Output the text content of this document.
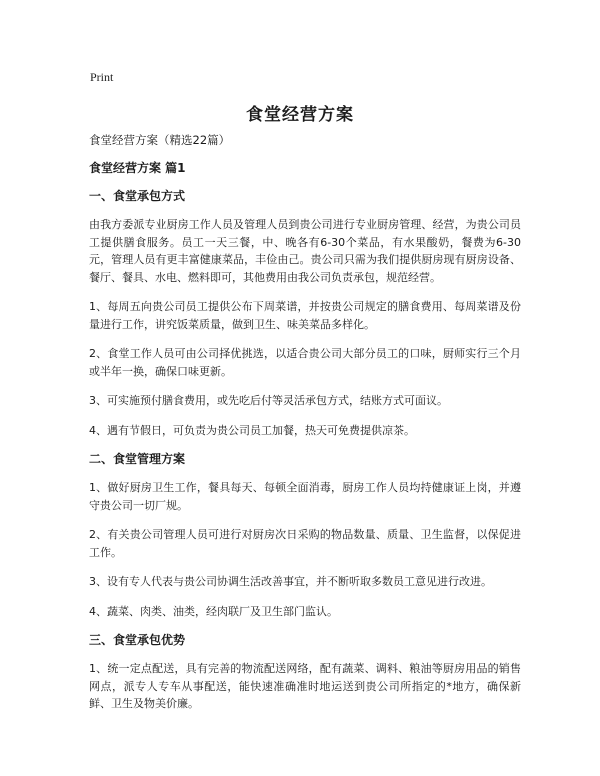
Print
食堂经营方案

食堂经营方案（精选22篇）

食堂经营方案 篇1

一、食堂承包方式

由我方委派专业厨房工作人员及管理人员到贵公司进行专业厨房管理、经营，为贵公司员工提供膳食服务。员工一天三餐，中、晚各有6-30个菜品，有水果酸奶，餐费为6-30元，管理人员有更丰富健康菜品，丰俭由己。贵公司只需为我们提供厨房现有厨房设备、餐厅、餐具、水电、燃料即可，其他费用由我公司负责承包，规范经营。

1、每周五向贵公司员工提供公布下周菜谱，并按贵公司规定的膳食费用、每周菜谱及份量进行工作，讲究饭菜质量，做到卫生、味美菜品多样化。

2、食堂工作人员可由公司择优挑选，以适合贵公司大部分员工的口味，厨师实行三个月或半年一换，确保口味更新。

3、可实施预付膳食费用，或先吃后付等灵活承包方式，结账方式可面议。

4、遇有节假日，可负责为贵公司员工加餐，热天可免费提供凉茶。

二、食堂管理方案

1、做好厨房卫生工作，餐具每天、每顿全面消毒，厨房工作人员均持健康证上岗，并遵守贵公司一切厂规。

2、有关贵公司管理人员可进行对厨房次日采购的物品数量、质量、卫生监督，以保促进工作。

3、设有专人代表与贵公司协调生活改善事宜，并不断听取多数员工意见进行改进。

4、蔬菜、肉类、油类，经肉联厂及卫生部门监认。

三、食堂承包优势

1、统一定点配送，具有完善的物流配送网络，配有蔬菜、调料、粮油等厨房用品的销售网点，派专人专车从事配送，能快速准确准时地运送到贵公司所指定的*地方，确保新鲜、卫生及物美价廉。
